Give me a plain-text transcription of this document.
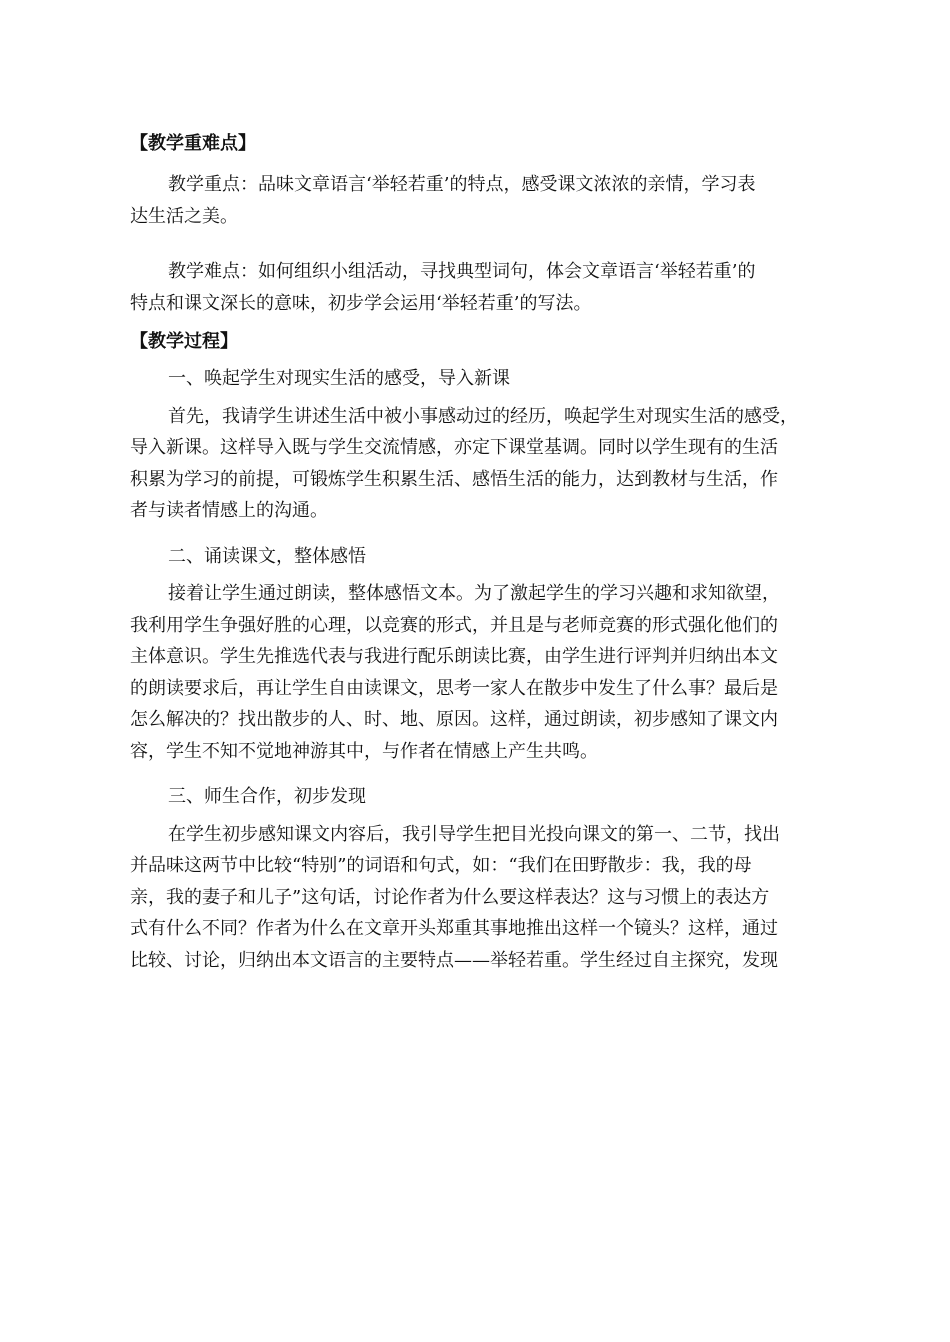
【教学重难点】

教学重点：品味文章语言‘举轻若重’的特点，感受课文浓浓的亲情，学习表
达生活之美。

教学难点：如何组织小组活动，寻找典型词句，体会文章语言‘举轻若重’的
特点和课文深长的意味，初步学会运用‘举轻若重’的写法。

【教学过程】

一、唤起学生对现实生活的感受，导入新课

首先，我请学生讲述生活中被小事感动过的经历，唤起学生对现实生活的感受，
导入新课。这样导入既与学生交流情感，亦定下课堂基调。同时以学生现有的生活
积累为学习的前提，可锻炼学生积累生活、感悟生活的能力，达到教材与生活，作
者与读者情感上的沟通。

二、诵读课文，整体感悟

接着让学生通过朗读，整体感悟文本。为了激起学生的学习兴趣和求知欲望，
我利用学生争强好胜的心理，以竞赛的形式，并且是与老师竞赛的形式强化他们的
主体意识。学生先推选代表与我进行配乐朗读比赛，由学生进行评判并归纳出本文
的朗读要求后，再让学生自由读课文，思考一家人在散步中发生了什么事？最后是
怎么解决的？找出散步的人、时、地、原因。这样，通过朗读，初步感知了课文内
容，学生不知不觉地神游其中，与作者在情感上产生共鸣。

三、师生合作，初步发现

在学生初步感知课文内容后，我引导学生把目光投向课文的第一、二节，找出
并品味这两节中比较“特别”的词语和句式，如：“我们在田野散步：我，我的母
亲，我的妻子和儿子”这句话，讨论作者为什么要这样表达？这与习惯上的表达方
式有什么不同？作者为什么在文章开头郑重其事地推出这样一个镜头？这样，通过
比较、讨论，归纳出本文语言的主要特点——举轻若重。学生经过自主探究，发现
